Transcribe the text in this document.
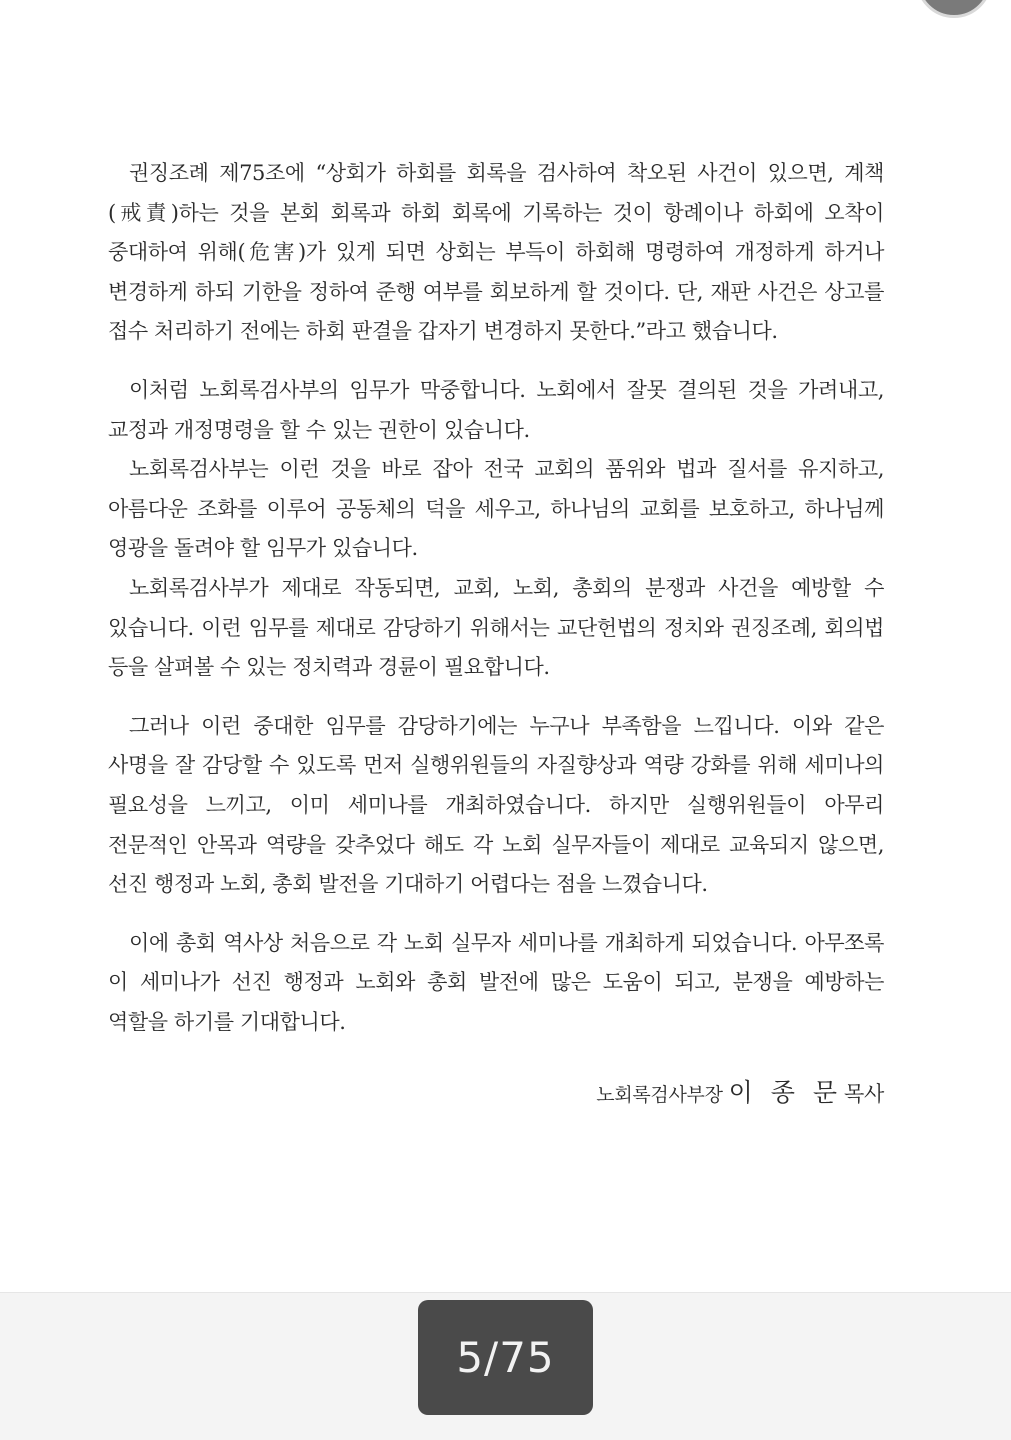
권징조례 제75조에 “상회가 하회를 회록을 검사하여 착오된 사건이 있으면, 계책(戒責)하는 것을 본회 회록과 하회 회록에 기록하는 것이 항례이나 하회에 오착이 중대하여 위해(危害)가 있게 되면 상회는 부득이 하회해 명령하여 개정하게 하거나 변경하게 하되 기한을 정하여 준행 여부를 회보하게 할 것이다. 단, 재판 사건은 상고를 접수 처리하기 전에는 하회 판결을 갑자기 변경하지 못한다.”라고 했습니다.

이처럼 노회록검사부의 임무가 막중합니다. 노회에서 잘못 결의된 것을 가려내고, 교정과 개정명령을 할 수 있는 권한이 있습니다.

노회록검사부는 이런 것을 바로 잡아 전국 교회의 품위와 법과 질서를 유지하고, 아름다운 조화를 이루어 공동체의 덕을 세우고, 하나님의 교회를 보호하고, 하나님께 영광을 돌려야 할 임무가 있습니다.

노회록검사부가 제대로 작동되면, 교회, 노회, 총회의 분쟁과 사건을 예방할 수 있습니다. 이런 임무를 제대로 감당하기 위해서는 교단헌법의 정치와 권징조례, 회의법 등을 살펴볼 수 있는 정치력과 경륜이 필요합니다.

그러나 이런 중대한 임무를 감당하기에는 누구나 부족함을 느낍니다. 이와 같은 사명을 잘 감당할 수 있도록 먼저 실행위원들의 자질향상과 역량 강화를 위해 세미나의 필요성을 느끼고, 이미 세미나를 개최하였습니다. 하지만 실행위원들이 아무리 전문적인 안목과 역량을 갖추었다 해도 각 노회 실무자들이 제대로 교육되지 않으면, 선진 행정과 노회, 총회 발전을 기대하기 어렵다는 점을 느꼈습니다.

이에 총회 역사상 처음으로 각 노회 실무자 세미나를 개최하게 되었습니다. 아무쪼록 이 세미나가 선진 행정과 노회와 총회 발전에 많은 도움이 되고, 분쟁을 예방하는 역할을 하기를 기대합니다.

노회록검사부장 이 종 문목사
5/75
